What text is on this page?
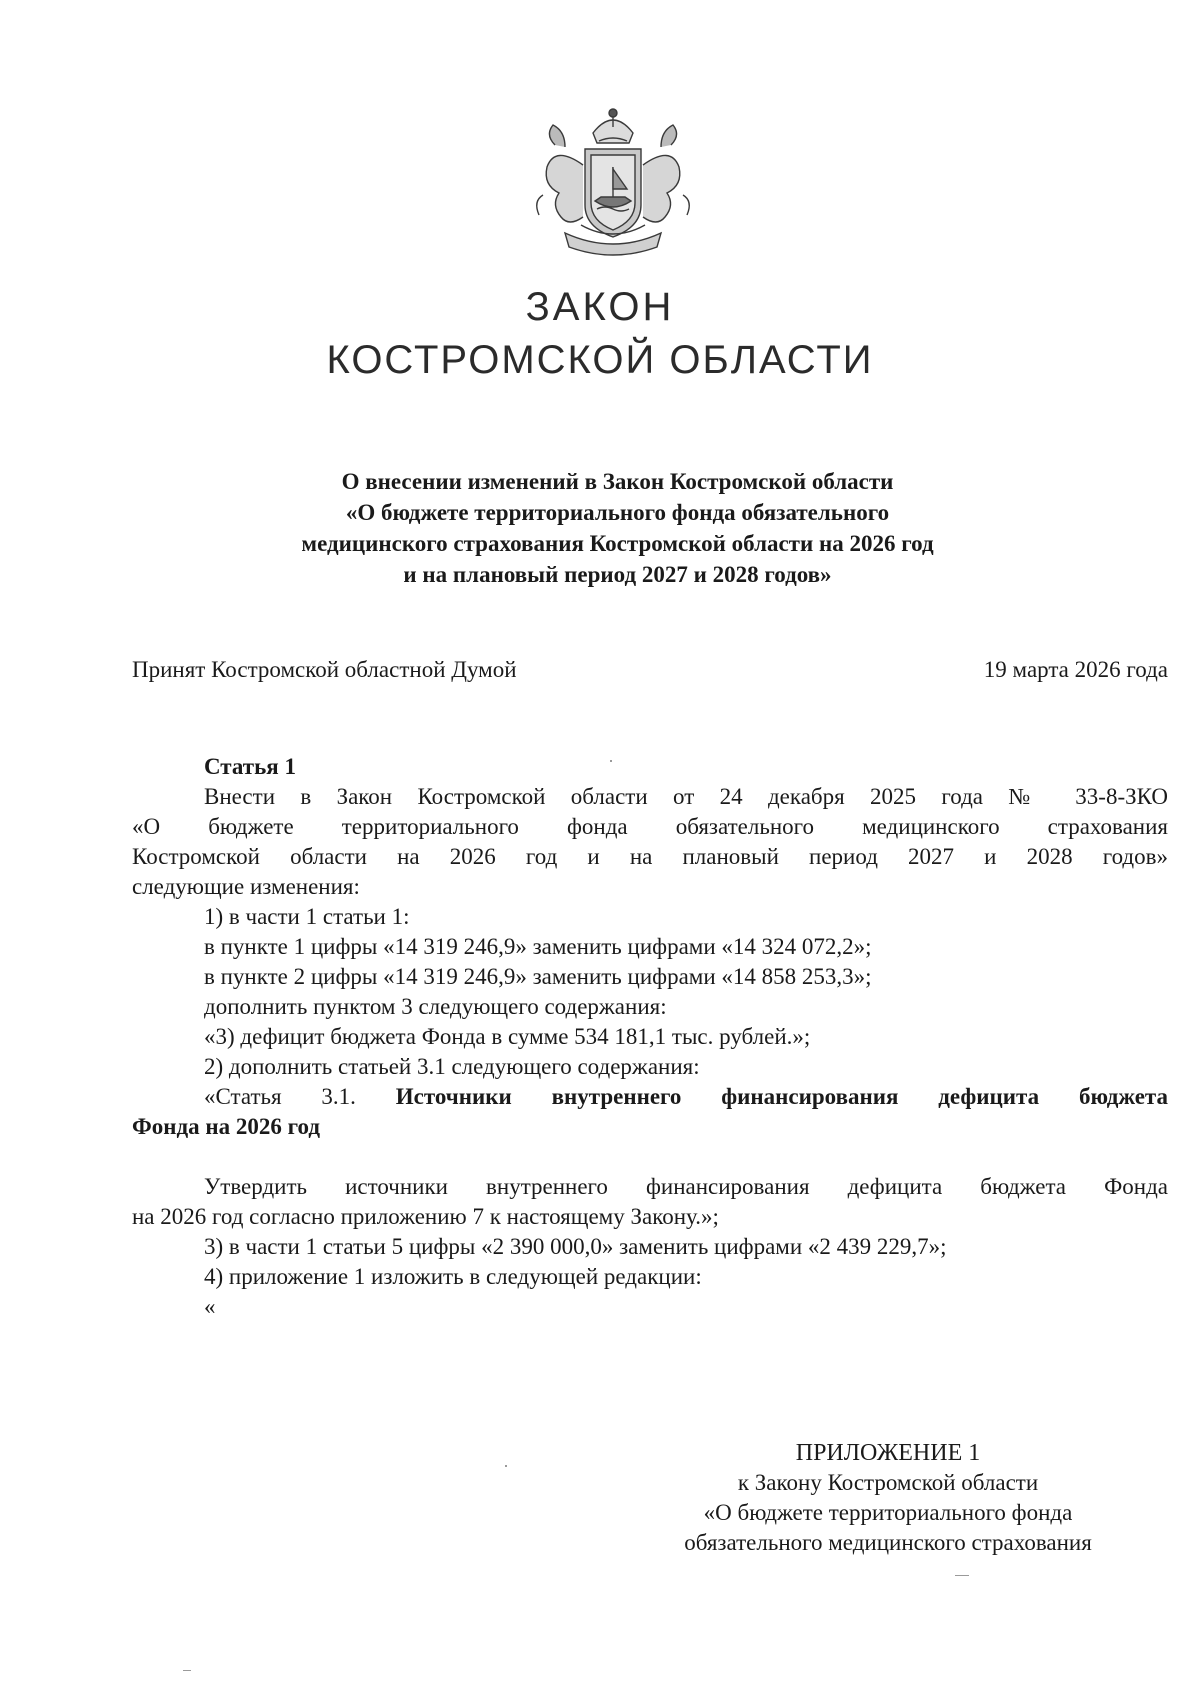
ЗАКОН
КОСТРОМСКОЙ ОБЛАСТИ
О внесении изменений в Закон Костромской области
«О бюджете территориального фонда обязательного
медицинского страхования Костромской области на 2026 год
и на плановый период 2027 и 2028 годов»
Принят Костромской областной Думой	19 марта 2026 года
Статья 1
Внести в Закон Костромской области от 24 декабря 2025 года № 33-8-ЗКО
«О бюджете территориального фонда обязательного медицинского страхования
Костромской области на 2026 год и на плановый период 2027 и 2028 годов»
следующие изменения:
1) в части 1 статьи 1:
в пункте 1 цифры «14 319 246,9» заменить цифрами «14 324 072,2»;
в пункте 2 цифры «14 319 246,9» заменить цифрами «14 858 253,3»;
дополнить пунктом 3 следующего содержания:
«3) дефицит бюджета Фонда в сумме 534 181,1 тыс. рублей.»;
2) дополнить статьей 3.1 следующего содержания:
«Статья 3.1. Источники внутреннего финансирования дефицита бюджета
Фонда на 2026 год
Утвердить источники внутреннего финансирования дефицита бюджета Фонда
на 2026 год согласно приложению 7 к настоящему Закону.»;
3) в части 1 статьи 5 цифры «2 390 000,0» заменить цифрами «2 439 229,7»;
4) приложение 1 изложить в следующей редакции:
«
ПРИЛОЖЕНИЕ 1
к Закону Костромской области
«О бюджете территориального фонда
обязательного медицинского страхования
